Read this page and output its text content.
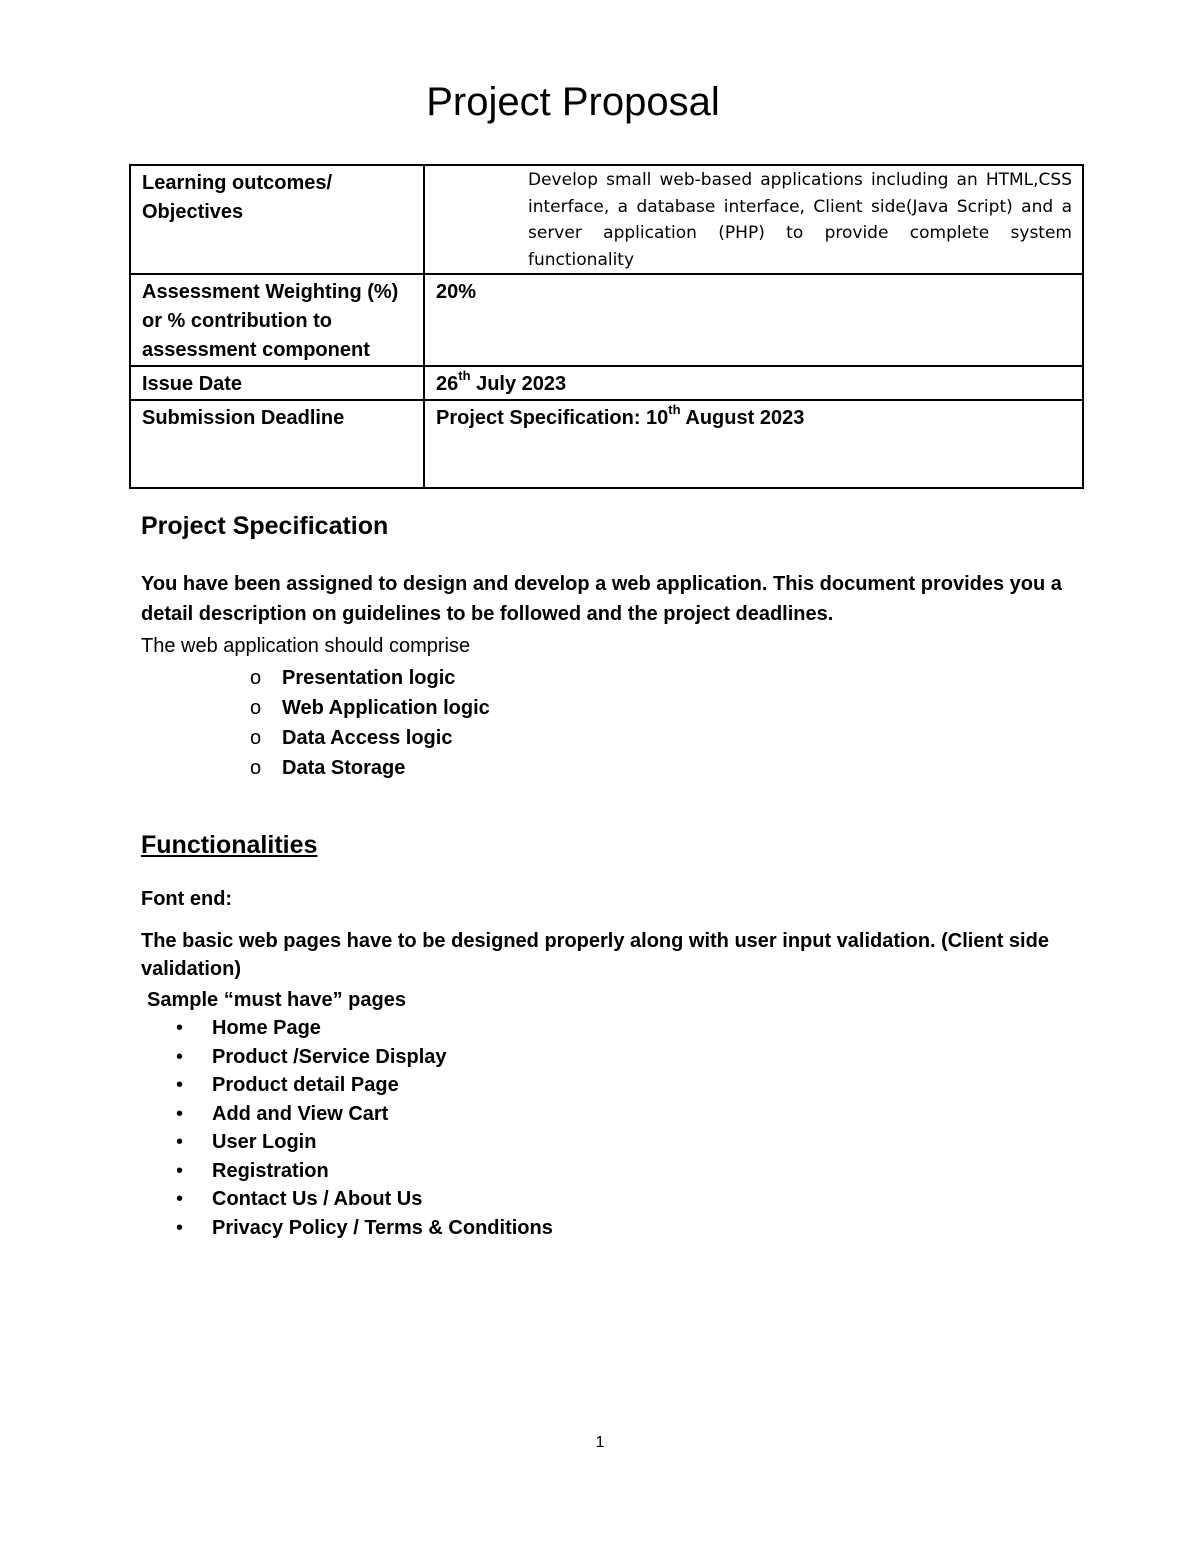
Project Proposal
Learning outcomes/ Objectives	Develop small web-based applications including an HTML,CSS interface, a database interface, Client side(Java Script) and a server application (PHP) to provide complete system functionality

Assessment Weighting (%) or % contribution to assessment component	20%
Issue Date	26th July 2023
Submission Deadline	Project Specification: 10th August 2023
Project Specification

You have been assigned to design and develop a web application. This document provides you a detail description on guidelines to be followed and the project deadlines.

The web application should comprise

o Presentation logic
o Web Application logic
o Data Access logic
o Data Storage
Functionalities

Font end:

The basic web pages have to be designed properly along with user input validation. (Client side validation)

Sample “must have” pages

• Home Page
• Product /Service Display
• Product detail Page
• Add and View Cart
• User Login
• Registration
• Contact Us / About Us
• Privacy Policy / Terms & Conditions
1
